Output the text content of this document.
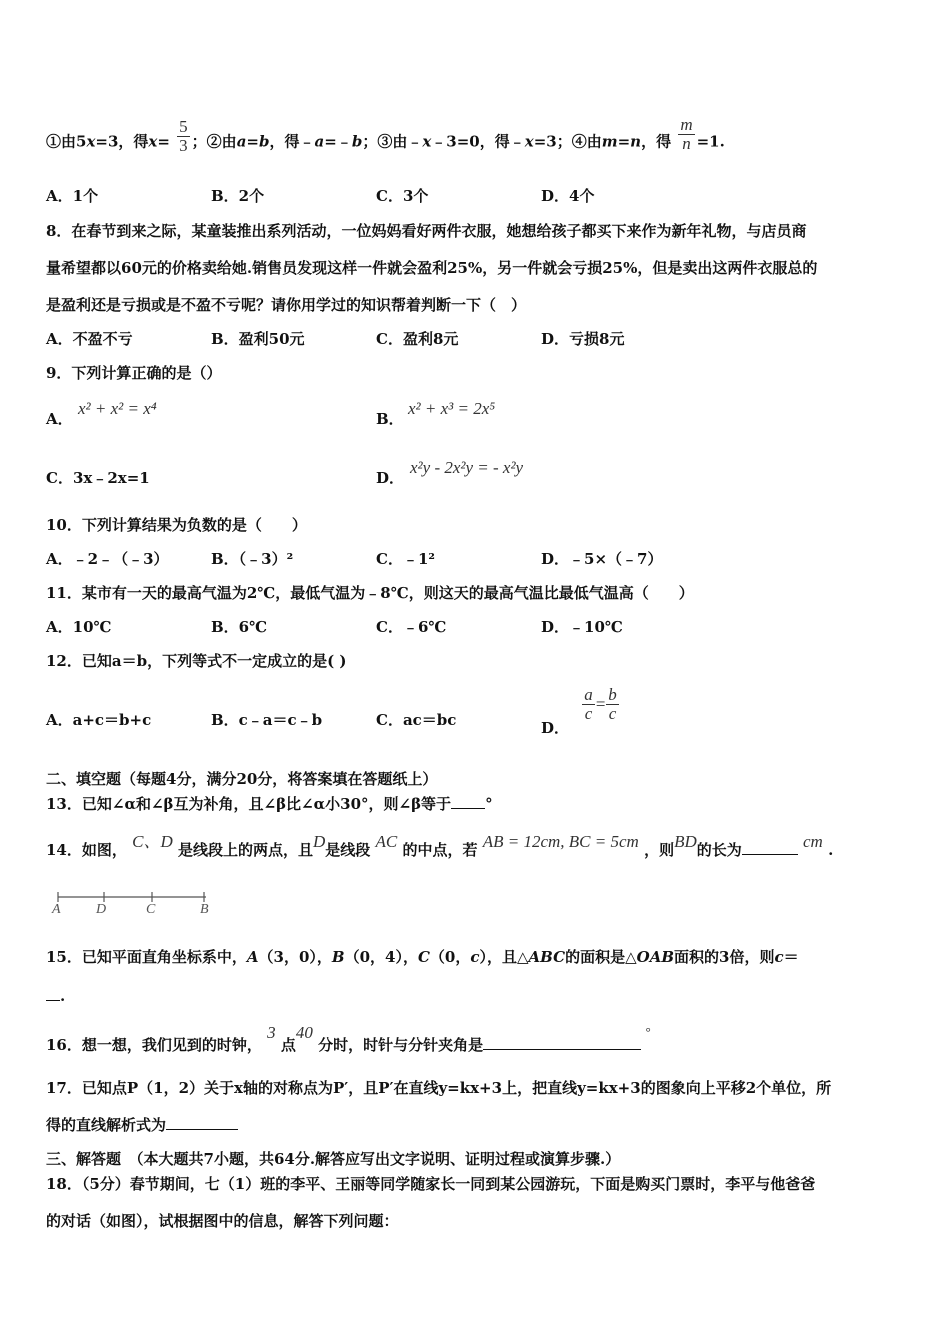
①由5x=3，得$x= \frac{5}{3}$ ；②由a=b，得﹣a=﹣b；③由﹣x﹣3=0，得﹣x=3；④由m=n，得 $\frac{m}{n} =1$.
A．1个	B．2个	C．3个	D．4个
8．在春节到来之际，某童装推出系列活动，一位妈妈看好两件衣服，她想给孩子都买下来作为新年礼物，与店员商
量希望都以60元的价格卖给她.销售员发现这样一件就会盈利25%，另一件就会亏损25%，但是卖出这两件衣服总的
是盈利还是亏损或是不盈不亏呢？请你用学过的知识帮着判断一下（　）
A．不盈不亏	B．盈利50元	C．盈利8元	D．亏损8元
9．下列计算正确的是（）
A．
x² + x² = x⁴
B．
x² + x³ = 2x⁵
C．3x﹣2x=1	D．
x²y - 2x²y = - x²y
10．下列计算结果为负数的是（　　）
A．﹣2﹣（﹣3）	B．（﹣3）²	C．﹣1²	D．﹣5×（﹣7）
11．某市有一天的最高气温为2℃，最低气温为﹣8℃，则这天的最高气温比最低气温高（　　）
A．10℃	B．6℃	C．﹣6℃	D．﹣10℃
12．已知a＝b，下列等式不一定成立的是( )
A．a+c＝b+c	B．c﹣a＝c﹣b	C．ac＝bc	D．
$\frac{a}{c} = \frac{b}{c}$
二、填空题（每题4分，满分20分，将答案填在答题纸上）
13．已知∠α和∠β互为补角，且∠β比∠α小30°，则∠β等于 °
14．如图， C、D 是线段上的两点，且D是线段 AC 的中点，若 AB = 12cm, BC = 5cm ，则BD的长为	cm .
A	D	C	B
15．已知平面直角坐标系中，A（3，0），B（0，4），C（0，c），且△ABC的面积是△OAB面积的3倍，则c＝
.
16．想一想，我们见到的时钟， 3 点40 分时，时针与分针夹角是°
17．已知点P（1，2）关于x轴的对称点为P′，且P′在直线y=kx+3上，把直线y=kx+3的图象向上平移2个单位，所
得的直线解析式为
三、解答题　（本大题共7小题，共64分.解答应写出文字说明、证明过程或演算步骤.）
18．（5分）春节期间，七（1）班的李平、王丽等同学随家长一同到某公园游玩，下面是购买门票时，李平与他爸爸
的对话（如图），试根据图中的信息，解答下列问题：
